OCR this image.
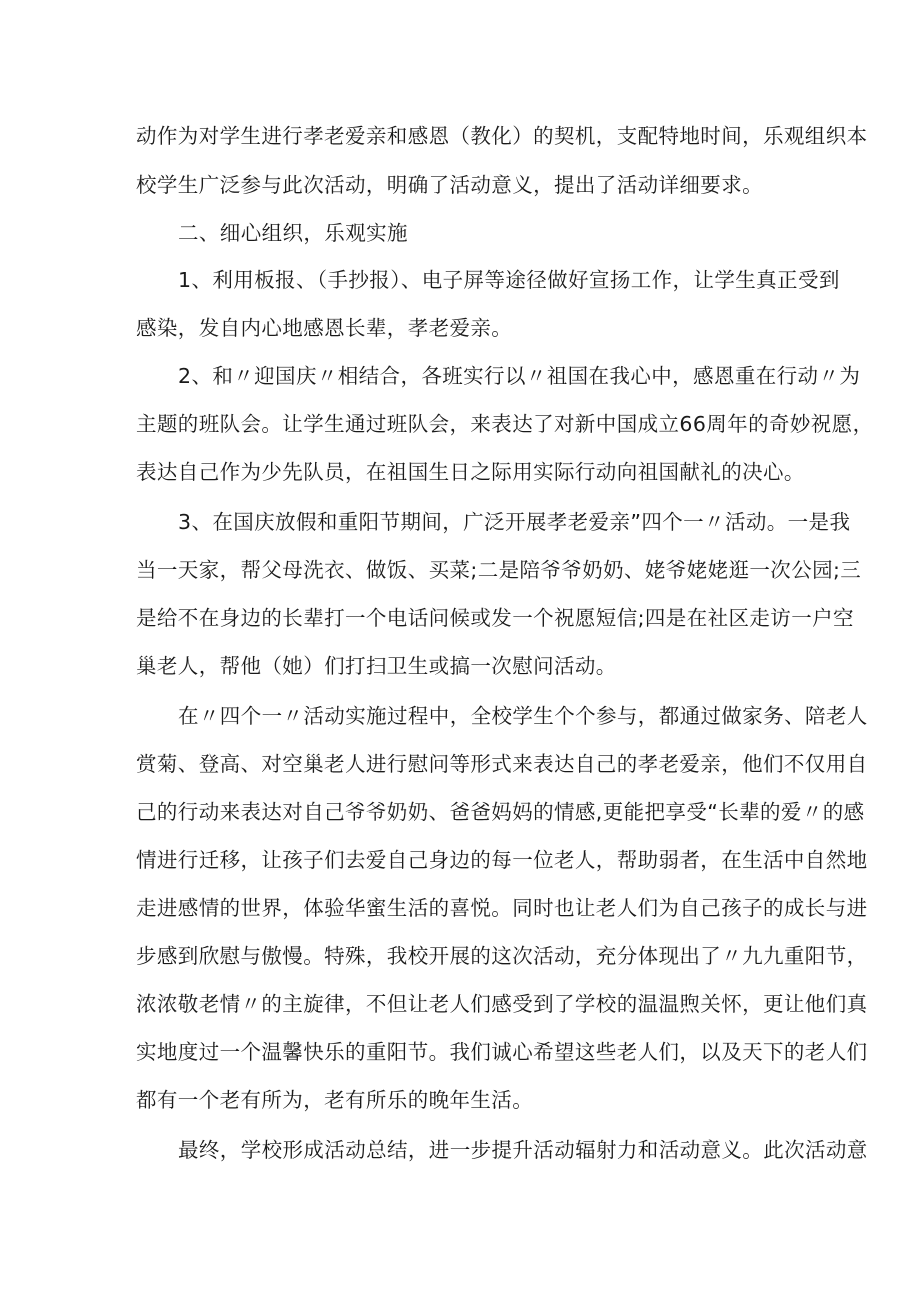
动作为对学生进行孝老爱亲和感恩（教化）的契机，支配特地时间，乐观组织本
校学生广泛参与此次活动，明确了活动意义，提出了活动详细要求。
二、细心组织，乐观实施
1、利用板报、（手抄报）、电子屏等途径做好宣扬工作，让学生真正受到
感染，发自内心地感恩长辈，孝老爱亲。
2、和〃迎国庆〃相结合，各班实行以〃祖国在我心中，感恩重在行动〃为
主题的班队会。让学生通过班队会，来表达了对新中国成立66周年的奇妙祝愿，
表达自己作为少先队员，在祖国生日之际用实际行动向祖国献礼的决心。
3、在国庆放假和重阳节期间，广泛开展孝老爱亲”四个一〃活动。一是我
当一天家，帮父母洗衣、做饭、买菜;二是陪爷爷奶奶、姥爷姥姥逛一次公园;三
是给不在身边的长辈打一个电话问候或发一个祝愿短信;四是在社区走访一户空
巢老人，帮他（她）们打扫卫生或搞一次慰问活动。
在〃四个一〃活动实施过程中，全校学生个个参与，都通过做家务、陪老人
赏菊、登高、对空巢老人进行慰问等形式来表达自己的孝老爱亲，他们不仅用自
己的行动来表达对自己爷爷奶奶、爸爸妈妈的情感,更能把享受“长辈的爱〃的感
情进行迁移，让孩子们去爱自己身边的每一位老人，帮助弱者，在生活中自然地
走进感情的世界，体验华蜜生活的喜悦。同时也让老人们为自己孩子的成长与进
步感到欣慰与傲慢。特殊，我校开展的这次活动，充分体现出了〃九九重阳节，
浓浓敬老情〃的主旋律，不但让老人们感受到了学校的温温煦关怀，更让他们真
实地度过一个温馨快乐的重阳节。我们诚心希望这些老人们，以及天下的老人们
都有一个老有所为，老有所乐的晚年生活。
最终，学校形成活动总结，进一步提升活动辐射力和活动意义。此次活动意
